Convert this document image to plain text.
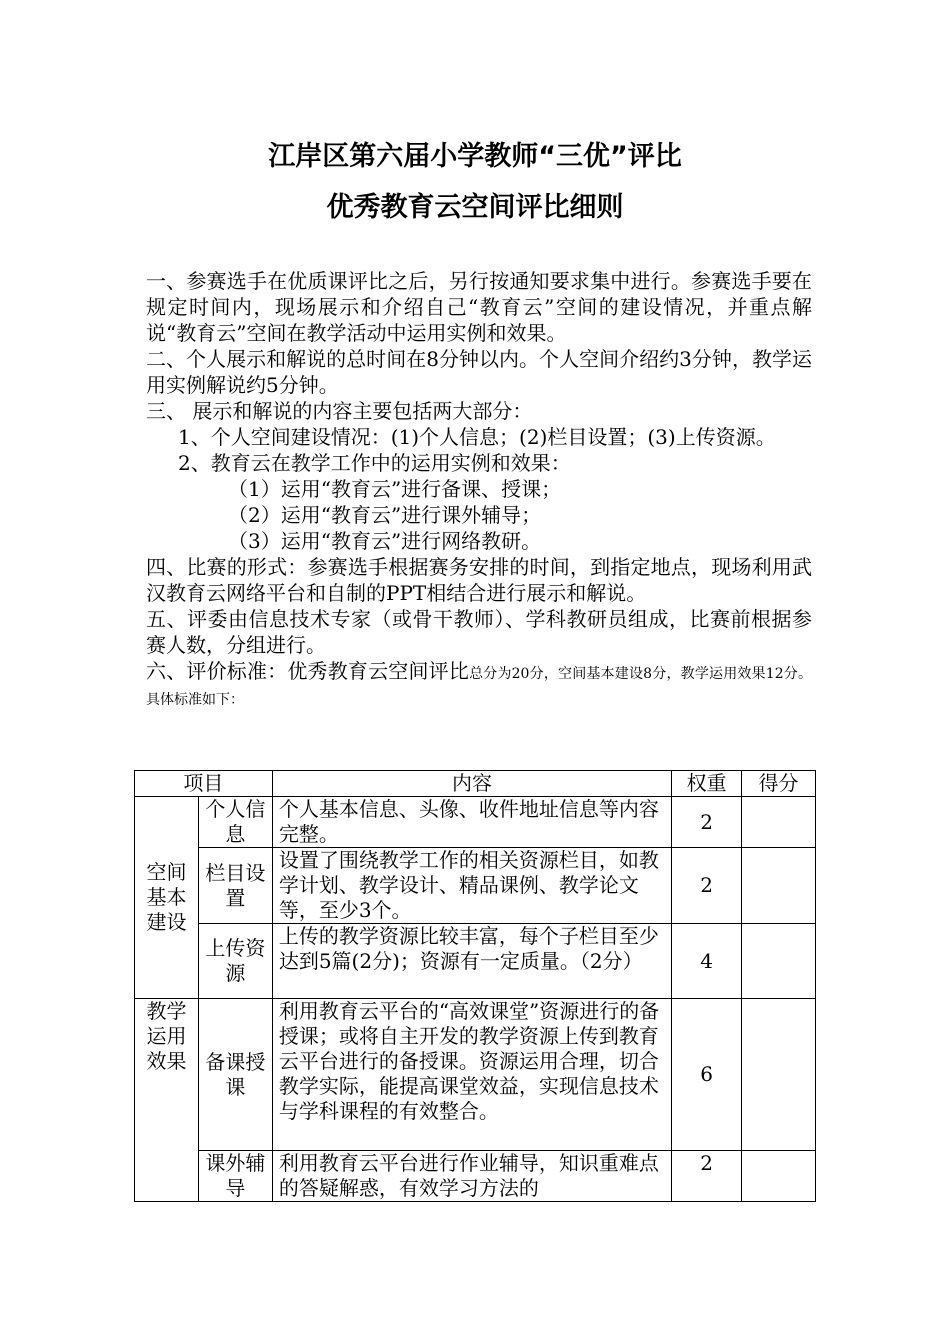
江岸区第六届小学教师“三优”评比
优秀教育云空间评比细则

一、参赛选手在优质课评比之后，另行按通知要求集中进行。参赛选手要在规定时间内，现场展示和介绍自己“教育云”空间的建设情况，并重点解说“教育云”空间在教学活动中运用实例和效果。

二、个人展示和解说的总时间在8分钟以内。个人空间介绍约3分钟，教学运用实例解说约5分钟。

三、 展示和解说的内容主要包括两大部分：

1、个人空间建设情况：(1)个人信息；(2)栏目设置；(3)上传资源。

2、教育云在教学工作中的运用实例和效果：

（1）运用“教育云”进行备课、授课；

（2）运用“教育云”进行课外辅导；

（3）运用“教育云”进行网络教研。

四、比赛的形式：参赛选手根据赛务安排的时间，到指定地点，现场利用武汉教育云网络平台和自制的PPT相结合进行展示和解说。

五、评委由信息技术专家（或骨干教师）、学科教研员组成，比赛前根据参赛人数，分组进行。

六、评价标准：优秀教育云空间评比总分为20分，空间基本建设8分，教学运用效果12分。具体标准如下：

项目		内容	权重	得分
空间基本建设	个人信息	个人基本信息、头像、收件地址信息等内容完整。	2	
	栏目设置	设置了围绕教学工作的相关资源栏目，如教学计划、教学设计、精品课例、教学论文等，至少3个。	2	
	上传资源	上传的教学资源比较丰富，每个子栏目至少达到5篇(2分)；资源有一定质量。（2分）	4	
教学运用效果	备课授课	利用教育云平台的“高效课堂”资源进行的备授课；或将自主开发的教学资源上传到教育云平台进行的备授课。资源运用合理，切合教学实际，能提高课堂效益，实现信息技术与学科课程的有效整合。	6	
	课外辅导	利用教育云平台进行作业辅导，知识重难点的答疑解惑，有效学习方法的	2	
